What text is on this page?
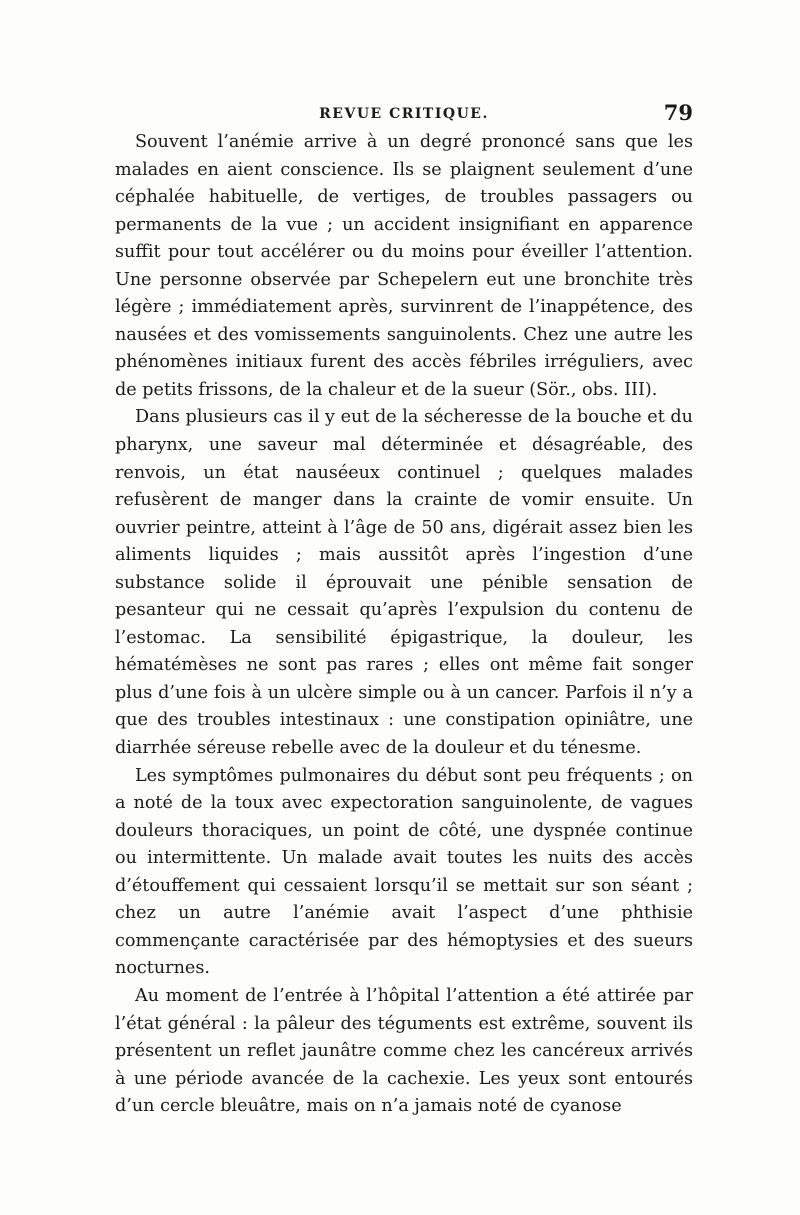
REVUE CRITIQUE.	79

Souvent l’anémie arrive à un degré prononcé sans que les malades en aient conscience. Ils se plaignent seulement d’une céphalée habituelle, de vertiges, de troubles passagers ou permanents de la vue ; un accident insignifiant en apparence suffit pour tout accélérer ou du moins pour éveiller l’attention. Une personne observée par Schepelern eut une bronchite très légère ; immédiatement après, survinrent de l’inappétence, des nausées et des vomissements sanguinolents. Chez une autre les phénomènes initiaux furent des accès fébriles irréguliers, avec de petits frissons, de la chaleur et de la sueur (Sör., obs. III).

Dans plusieurs cas il y eut de la sécheresse de la bouche et du pharynx, une saveur mal déterminée et désagréable, des renvois, un état nauséeux continuel ; quelques malades refusèrent de manger dans la crainte de vomir ensuite. Un ouvrier peintre, atteint à l’âge de 50 ans, digérait assez bien les aliments liquides ; mais aussitôt après l’ingestion d’une substance solide il éprouvait une pénible sensation de pesanteur qui ne cessait qu’après l’expulsion du contenu de l’estomac. La sensibilité épigastrique, la douleur, les hématémèses ne sont pas rares ; elles ont même fait songer plus d’une fois à un ulcère simple ou à un cancer. Parfois il n’y a que des troubles intestinaux : une constipation opiniâtre, une diarrhée séreuse rebelle avec de la douleur et du ténesme.

Les symptômes pulmonaires du début sont peu fréquents ; on a noté de la toux avec expectoration sanguinolente, de vagues douleurs thoraciques, un point de côté, une dyspnée continue ou intermittente. Un malade avait toutes les nuits des accès d’étouffement qui cessaient lorsqu’il se mettait sur son séant ; chez un autre l’anémie avait l’aspect d’une phthisie commençante caractérisée par des hémoptysies et des sueurs nocturnes.

Au moment de l’entrée à l’hôpital l’attention a été attirée par l’état général : la pâleur des téguments est extrême, souvent ils présentent un reflet jaunâtre comme chez les cancéreux arrivés à une période avancée de la cachexie. Les yeux sont entourés d’un cercle bleuâtre, mais on n’a jamais noté de cyanose
